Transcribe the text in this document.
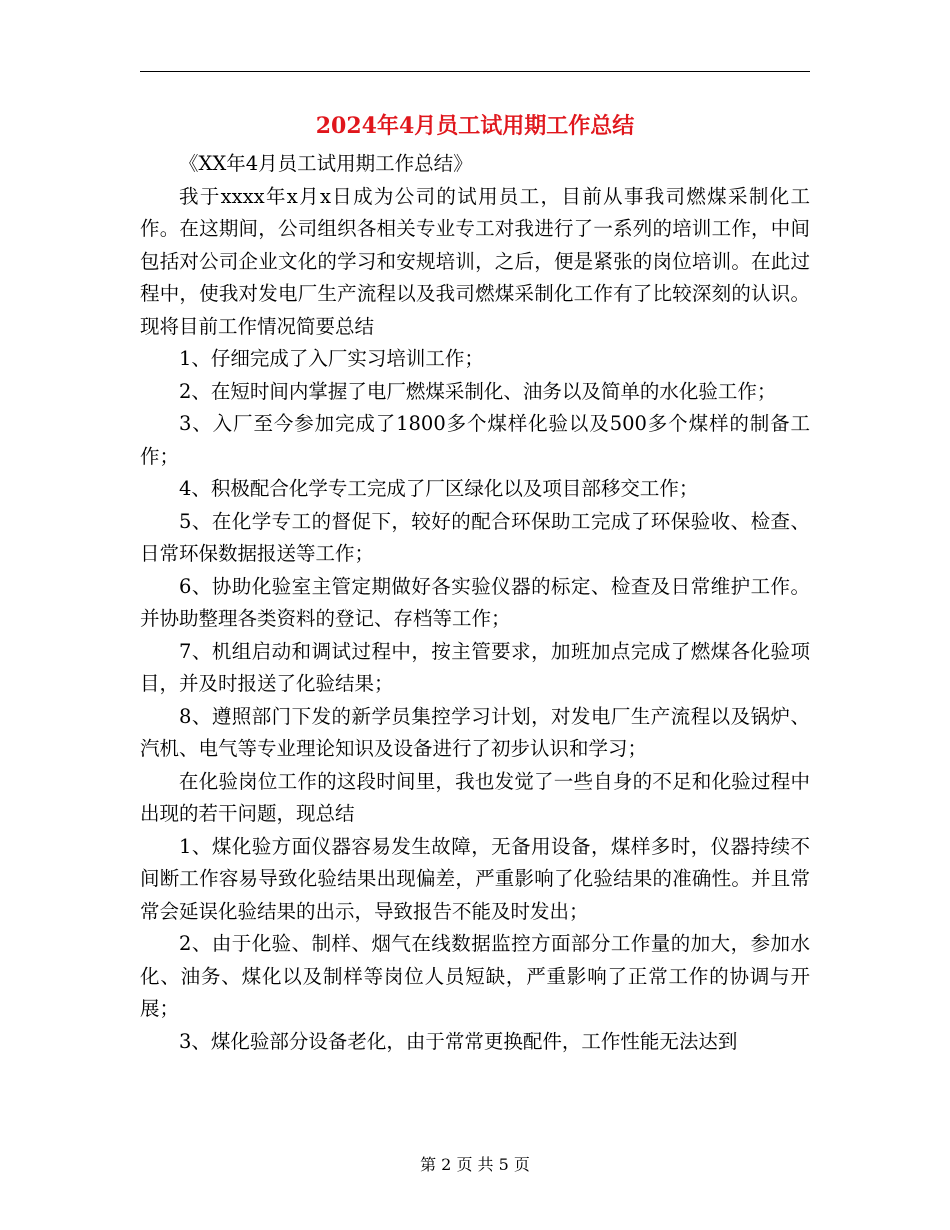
2024年4月员工试用期工作总结

《XX年4月员工试用期工作总结》

我于xxxx年x月x日成为公司的试用员工，目前从事我司燃煤采制化工作。在这期间，公司组织各相关专业专工对我进行了一系列的培训工作，中间包括对公司企业文化的学习和安规培训，之后，便是紧张的岗位培训。在此过程中，使我对发电厂生产流程以及我司燃煤采制化工作有了比较深刻的认识。现将目前工作情况简要总结

1、仔细完成了入厂实习培训工作；

2、在短时间内掌握了电厂燃煤采制化、油务以及简单的水化验工作；

3、入厂至今参加完成了1800多个煤样化验以及500多个煤样的制备工作；

4、积极配合化学专工完成了厂区绿化以及项目部移交工作；

5、在化学专工的督促下，较好的配合环保助工完成了环保验收、检查、日常环保数据报送等工作；

6、协助化验室主管定期做好各实验仪器的标定、检查及日常维护工作。并协助整理各类资料的登记、存档等工作；

7、机组启动和调试过程中，按主管要求，加班加点完成了燃煤各化验项目，并及时报送了化验结果；

8、遵照部门下发的新学员集控学习计划，对发电厂生产流程以及锅炉、汽机、电气等专业理论知识及设备进行了初步认识和学习；

在化验岗位工作的这段时间里，我也发觉了一些自身的不足和化验过程中出现的若干问题，现总结

1、煤化验方面仪器容易发生故障，无备用设备，煤样多时，仪器持续不间断工作容易导致化验结果出现偏差，严重影响了化验结果的准确性。并且常常会延误化验结果的出示，导致报告不能及时发出；

2、由于化验、制样、烟气在线数据监控方面部分工作量的加大，参加水化、油务、煤化以及制样等岗位人员短缺，严重影响了正常工作的协调与开展；

3、煤化验部分设备老化，由于常常更换配件，工作性能无法达到

第 2 页 共 5 页
